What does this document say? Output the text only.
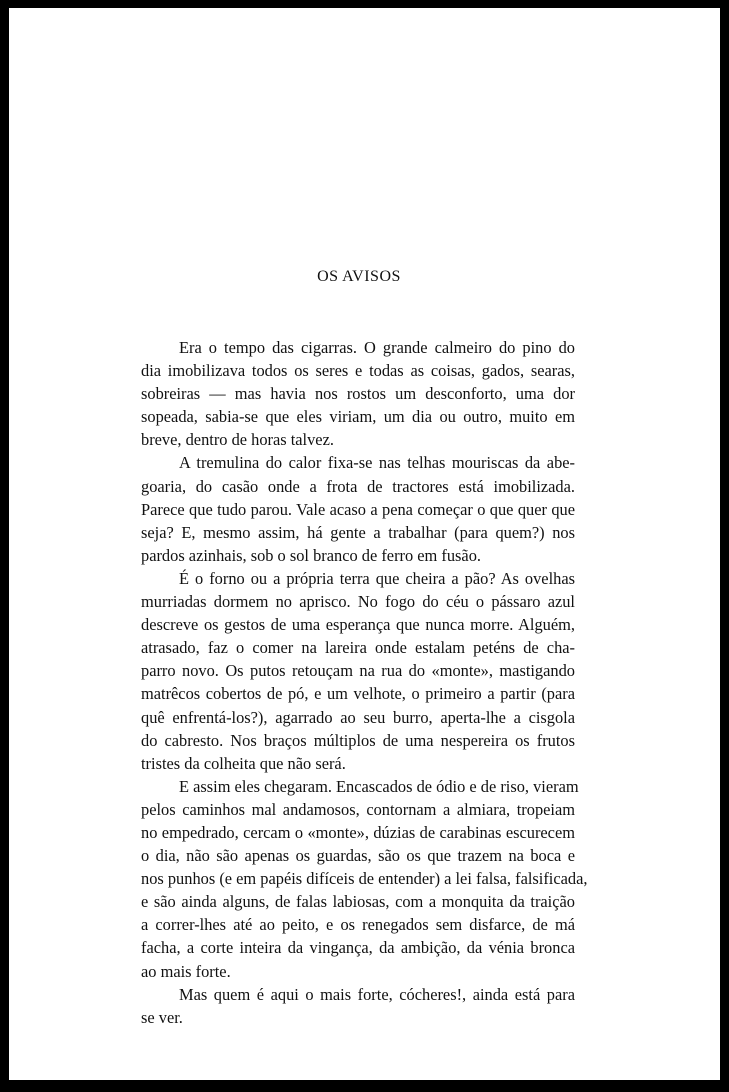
OS AVISOS
Era o tempo das cigarras. O grande calmeiro do pino do
dia imobilizava todos os seres e todas as coisas, gados, searas,
sobreiras — mas havia nos rostos um desconforto, uma dor
sopeada, sabia-se que eles viriam, um dia ou outro, muito em
breve, dentro de horas talvez.
A tremulina do calor fixa-se nas telhas mouriscas da abe-
goaria, do casão onde a frota de tractores está imobilizada.
Parece que tudo parou. Vale acaso a pena começar o que quer que
seja? E, mesmo assim, há gente a trabalhar (para quem?) nos
pardos azinhais, sob o sol branco de ferro em fusão.
É o forno ou a própria terra que cheira a pão? As ovelhas
murriadas dormem no aprisco. No fogo do céu o pássaro azul
descreve os gestos de uma esperança que nunca morre. Alguém,
atrasado, faz o comer na lareira onde estalam peténs de cha-
parro novo. Os putos retouçam na rua do «monte», mastigando
matrêcos cobertos de pó, e um velhote, o primeiro a partir (para
quê enfrentá-los?), agarrado ao seu burro, aperta-lhe a cisgola
do cabresto. Nos braços múltiplos de uma nespereira os frutos
tristes da colheita que não será.
E assim eles chegaram. Encascados de ódio e de riso, vieram
pelos caminhos mal andamosos, contornam a almiara, tropeiam
no empedrado, cercam o «monte», dúzias de carabinas escurecem
o dia, não são apenas os guardas, são os que trazem na boca e
nos punhos (e em papéis difíceis de entender) a lei falsa, falsificada,
e são ainda alguns, de falas labiosas, com a monquita da traição
a correr-lhes até ao peito, e os renegados sem disfarce, de má
facha, a corte inteira da vingança, da ambição, da vénia bronca
ao mais forte.
Mas quem é aqui o mais forte, cócheres!, ainda está para
se ver.
